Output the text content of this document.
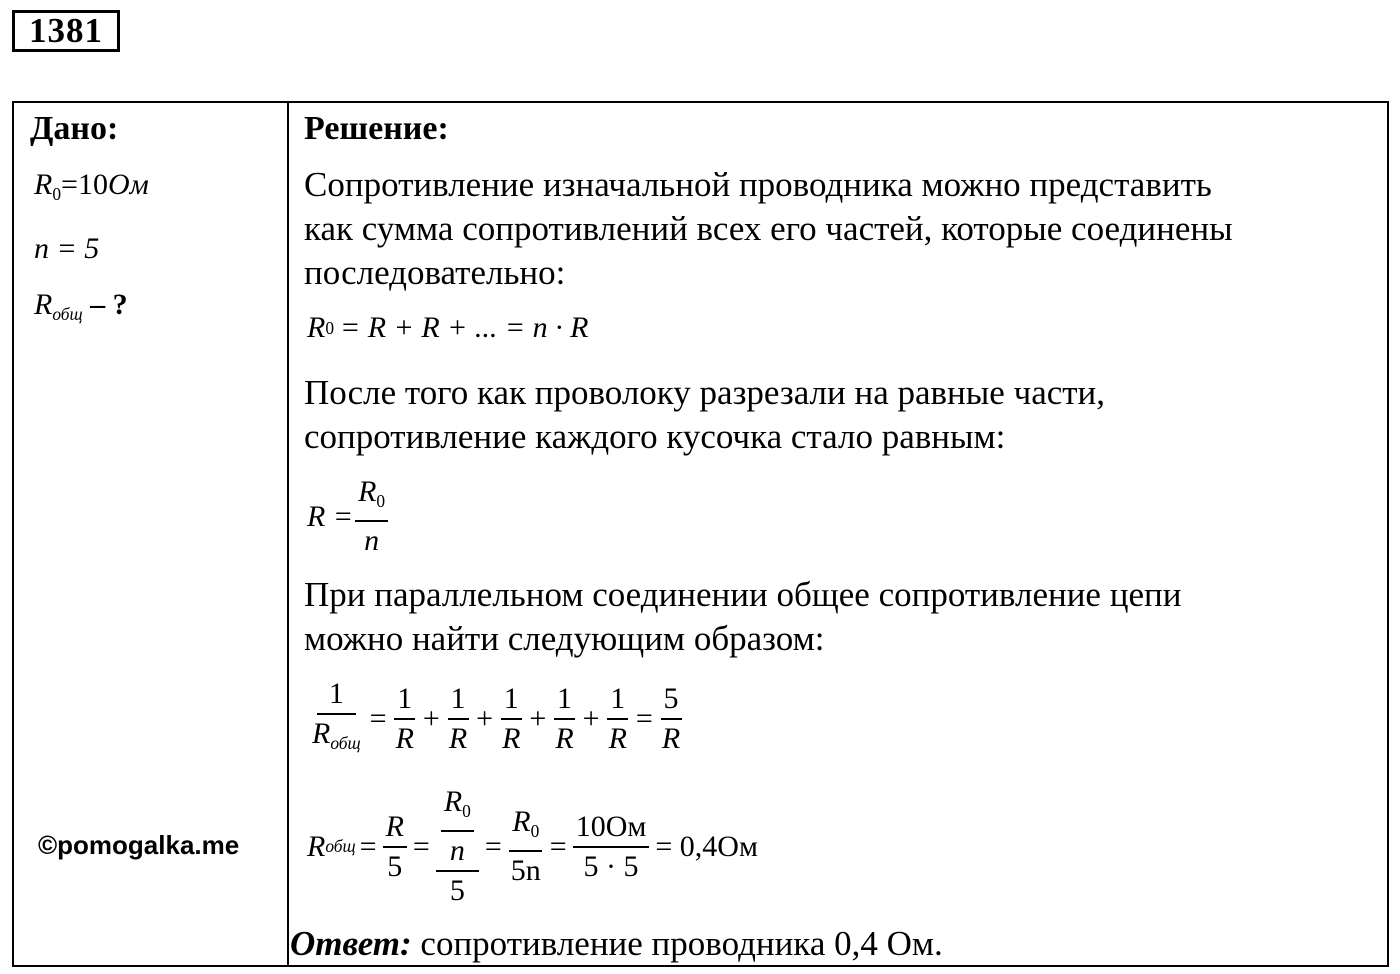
1381
Дано:
$R_0=10Ом$
n = 5
$R_{общ}$ – ?
Решение:
Сопротивление изначальной проводника можно представить
как сумма сопротивлений всех его частей, которые соединены
последовательно:
R 0 = R + R + ... = n · R
После того как проволоку разрезали на равные части,
сопротивление каждого кусочка стало равным:
$R = \frac{R_0}{n}$
При параллельном соединении общее сопротивление цепи
можно найти следующим образом:
$\frac{1}{R_{общ}} = \frac{1}{R} + \frac{1}{R} + \frac{1}{R} + \frac{1}{R} + \frac{1}{R} = \frac{5}{R}$
R общ = $\frac{R}{5} = \frac{\frac{R_0}{n}}{5} = \frac{R_0}{5n} = \frac{10Ом}{5 \cdot 5} = 0,4Ом$
©pomogalka.me
Ответ: сопротивление проводника 0,4 Ом.
